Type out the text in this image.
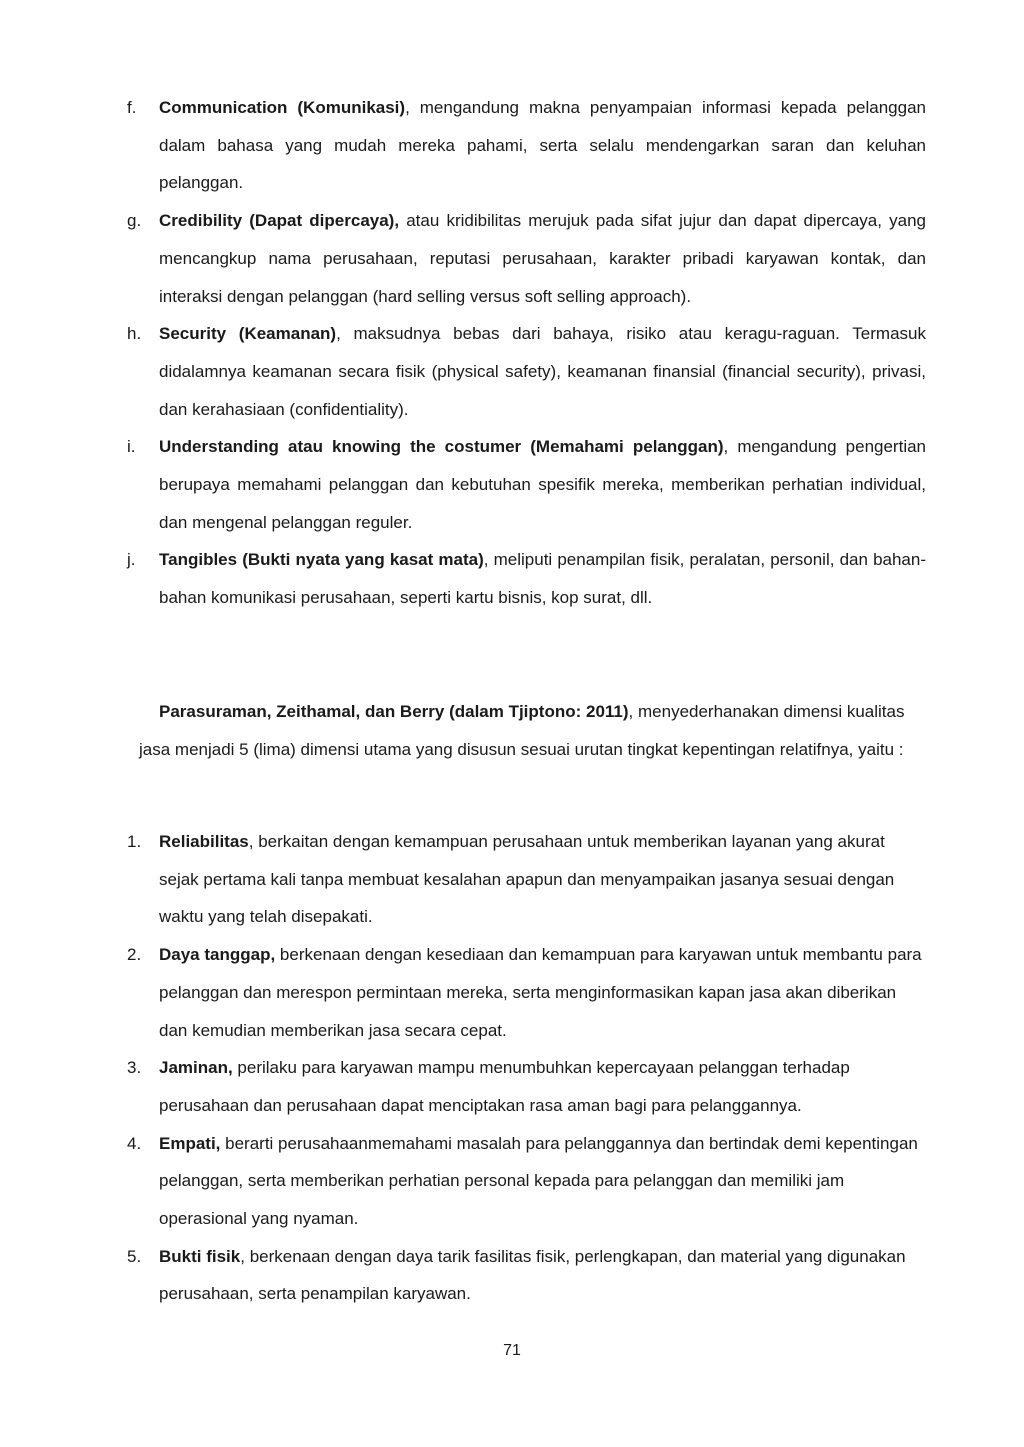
f. Communication (Komunikasi), mengandung makna penyampaian informasi kepada pelanggan dalam bahasa yang mudah mereka pahami, serta selalu mendengarkan saran dan keluhan pelanggan.
g. Credibility (Dapat dipercaya), atau kridibilitas merujuk pada sifat jujur dan dapat dipercaya, yang mencangkup nama perusahaan, reputasi perusahaan, karakter pribadi karyawan kontak, dan interaksi dengan pelanggan (hard selling versus soft selling approach).
h. Security (Keamanan), maksudnya bebas dari bahaya, risiko atau keragu-raguan. Termasuk didalamnya keamanan secara fisik (physical safety), keamanan finansial (financial security), privasi, dan kerahasiaan (confidentiality).
i. Understanding atau knowing the costumer (Memahami pelanggan), mengandung pengertian berupaya memahami pelanggan dan kebutuhan spesifik mereka, memberikan perhatian individual, dan mengenal pelanggan reguler.
j. Tangibles (Bukti nyata yang kasat mata), meliputi penampilan fisik, peralatan, personil, dan bahan-bahan komunikasi perusahaan, seperti kartu bisnis, kop surat, dll.

Parasuraman, Zeithamal, dan Berry (dalam Tjiptono: 2011), menyederhanakan dimensi kualitas jasa menjadi 5 (lima) dimensi utama yang disusun sesuai urutan tingkat kepentingan relatifnya, yaitu :

1. Reliabilitas, berkaitan dengan kemampuan perusahaan untuk memberikan layanan yang akurat sejak pertama kali tanpa membuat kesalahan apapun dan menyampaikan jasanya sesuai dengan waktu yang telah disepakati.
2. Daya tanggap, berkenaan dengan kesediaan dan kemampuan para karyawan untuk membantu para pelanggan dan merespon permintaan mereka, serta menginformasikan kapan jasa akan diberikan dan kemudian memberikan jasa secara cepat.
3. Jaminan, perilaku para karyawan mampu menumbuhkan kepercayaan pelanggan terhadap perusahaan dan perusahaan dapat menciptakan rasa aman bagi para pelanggannya.
4. Empati, berarti perusahaanmemahami masalah para pelanggannya dan bertindak demi kepentingan pelanggan, serta memberikan perhatian personal kepada para pelanggan dan memiliki jam operasional yang nyaman.
5. Bukti fisik, berkenaan dengan daya tarik fasilitas fisik, perlengkapan, dan material yang digunakan perusahaan, serta penampilan karyawan.
71
